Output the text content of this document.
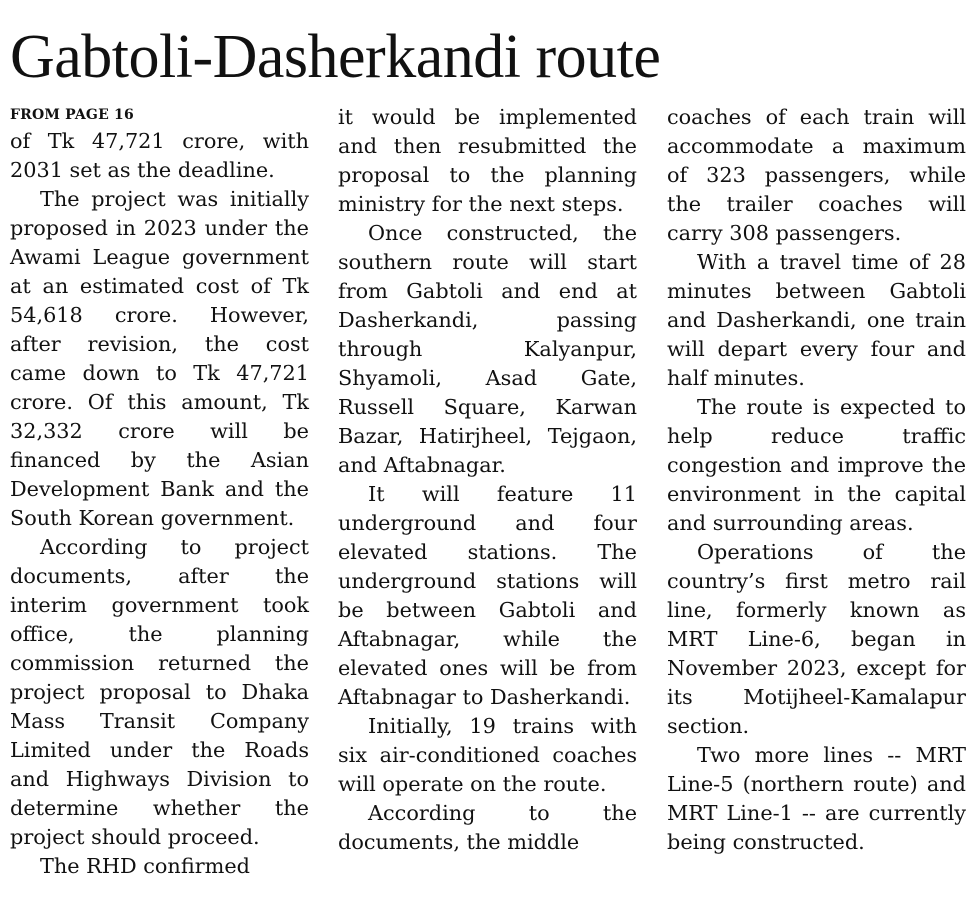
Gabtoli-Dasherkandi route
FROM PAGE 16

of Tk 47,721 crore, with 2031 set as the deadline.

The project was initially proposed in 2023 under the Awami League government at an estimated cost of Tk 54,618 crore. However, after revision, the cost came down to Tk 47,721 crore. Of this amount, Tk 32,332 crore will be financed by the Asian Development Bank and the South Korean government.

According to project documents, after the interim government took office, the planning commission returned the project proposal to Dhaka Mass Transit Company Limited under the Roads and Highways Division to determine whether the project should proceed.

The RHD confirmed

it would be implemented and then resubmitted the proposal to the planning ministry for the next steps.

Once constructed, the southern route will start from Gabtoli and end at Dasherkandi, passing through Kalyanpur, Shyamoli, Asad Gate, Russell Square, Karwan Bazar, Hatirjheel, Tejgaon, and Aftabnagar.

It will feature 11 underground and four elevated stations. The underground stations will be between Gabtoli and Aftabnagar, while the elevated ones will be from Aftabnagar to Dasherkandi.

Initially, 19 trains with six air-conditioned coaches will operate on the route.

According to the documents, the middle

coaches of each train will accommodate a maximum of 323 passengers, while the trailer coaches will carry 308 passengers.

With a travel time of 28 minutes between Gabtoli and Dasherkandi, one train will depart every four and half minutes.

The route is expected to help reduce traffic congestion and improve the environment in the capital and surrounding areas.

Operations of the country’s first metro rail line, formerly known as MRT Line-6, began in November 2023, except for its Motijheel-Kamalapur section.

Two more lines -- MRT Line-5 (northern route) and MRT Line-1 -- are currently being constructed.
